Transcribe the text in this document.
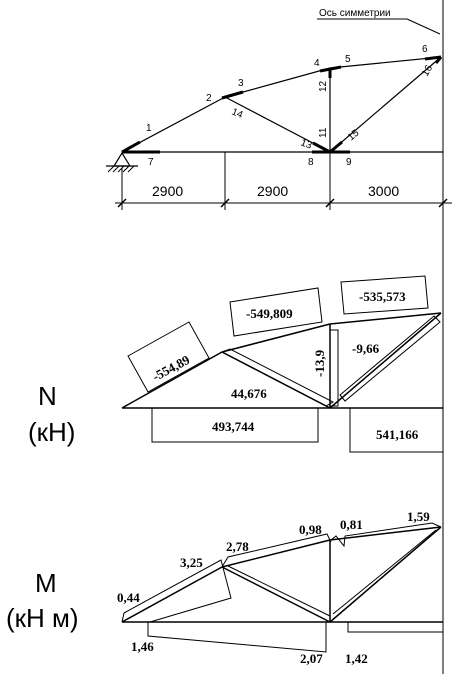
Ось симметрии
1
2
3
4	5
6
7	8	9
11
12
13
14
15
16
2900	2900	3000
-554,89
-549,809
-535,573
44,676
-13,9
-9,66
493,744
541,166
N
(кН)
0,44
3,25
2,78
0,98 0,81
1,59
1,46
2,07 1,42
M
(кН м)
